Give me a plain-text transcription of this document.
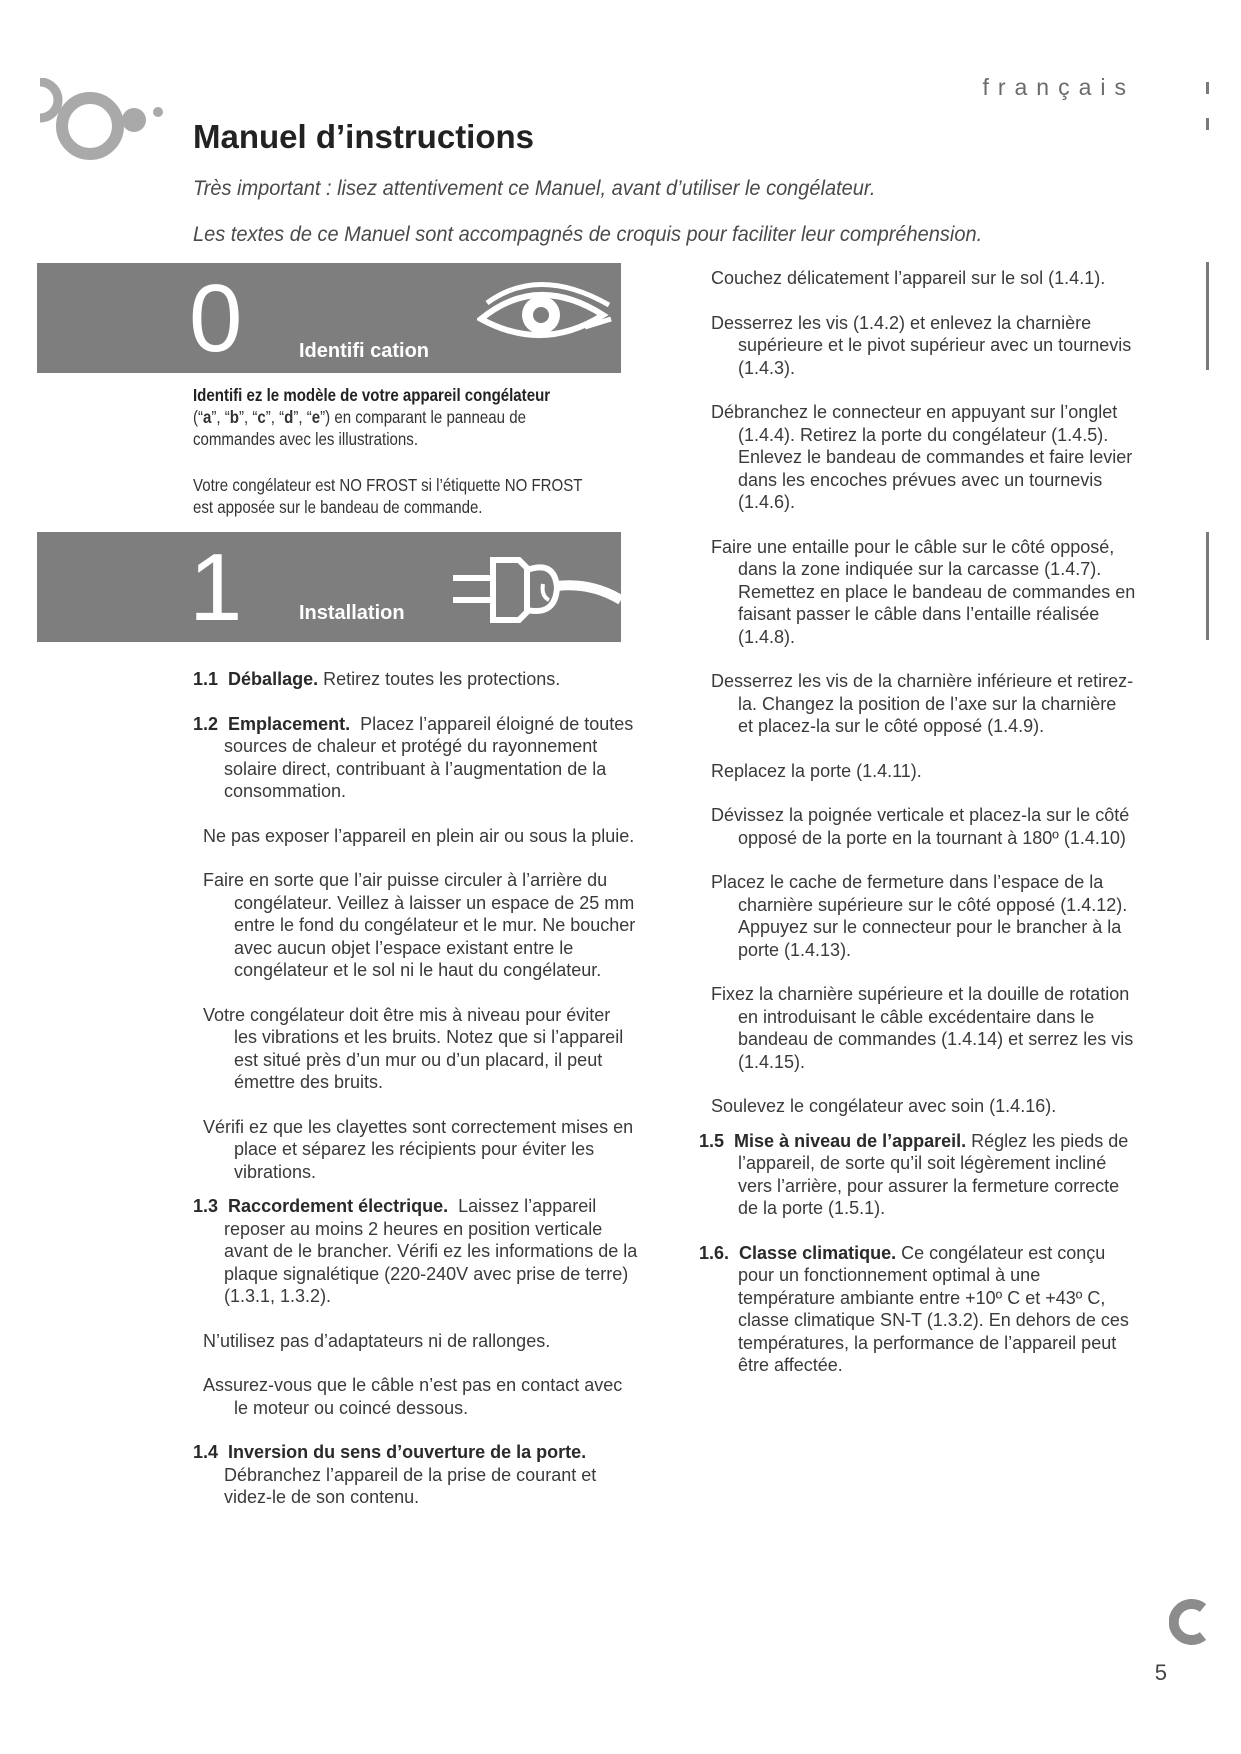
français
Manuel d’instructions

Très important : lisez attentivement ce Manuel, avant d’utiliser le congélateur.

Les textes de ce Manuel sont accompagnés de croquis pour faciliter leur compréhension.

0	Identifi cation

Identifi ez le modèle de votre appareil congélateur

(“a”, “b”, “c”, “d”, “e”) en comparant le panneau de

commandes avec les illustrations.

Votre congélateur est NO FROST si l’étiquette NO FROST

est apposée sur le bandeau de commande.

1	Installation

1.1 Déballage. Retirez toutes les protections.

1.2 Emplacement. Placez l’appareil éloigné de toutes sources de chaleur et protégé du rayonnement solaire direct, contribuant à l’augmentation de la consommation.

Ne pas exposer l’appareil en plein air ou sous la pluie.

Faire en sorte que l’air puisse circuler à l’arrière du congélateur. Veillez à laisser un espace de 25 mm entre le fond du congélateur et le mur. Ne boucher avec aucun objet l’espace existant entre le congélateur et le sol ni le haut du congélateur.

Votre congélateur doit être mis à niveau pour éviter les vibrations et les bruits. Notez que si l’appareil est situé près d’un mur ou d’un placard, il peut émettre des bruits.

Vérifi ez que les clayettes sont correctement mises en place et séparez les récipients pour éviter les vibrations.

1.3 Raccordement électrique. Laissez l’appareil reposer au moins 2 heures en position verticale avant de le brancher. Vérifi ez les informations de la plaque signalétique (220-240V avec prise de terre) (1.3.1, 1.3.2).

N’utilisez pas d’adaptateurs ni de rallonges.

Assurez-vous que le câble n’est pas en contact avec le moteur ou coincé dessous.

1.4 Inversion du sens d’ouverture de la porte. Débranchez l’appareil de la prise de courant et videz-le de son contenu.

Couchez délicatement l’appareil sur le sol (1.4.1).

Desserrez les vis (1.4.2) et enlevez la charnière supérieure et le pivot supérieur avec un tournevis (1.4.3).

Débranchez le connecteur en appuyant sur l’onglet (1.4.4). Retirez la porte du congélateur (1.4.5). Enlevez le bandeau de commandes et faire levier dans les encoches prévues avec un tournevis (1.4.6).

Faire une entaille pour le câble sur le côté opposé, dans la zone indiquée sur la carcasse (1.4.7). Remettez en place le bandeau de commandes en faisant passer le câble dans l’entaille réalisée (1.4.8).

Desserrez les vis de la charnière inférieure et retirez-la. Changez la position de l’axe sur la charnière et placez-la sur le côté opposé (1.4.9).

Replacez la porte (1.4.11).

Dévissez la poignée verticale et placez-la sur le côté opposé de la porte en la tournant à 180º (1.4.10)

Placez le cache de fermeture dans l’espace de la charnière supérieure sur le côté opposé (1.4.12). Appuyez sur le connecteur pour le brancher à la porte (1.4.13).

Fixez la charnière supérieure et la douille de rotation en introduisant le câble excédentaire dans le bandeau de commandes (1.4.14) et serrez les vis (1.4.15).

Soulevez le congélateur avec soin (1.4.16).

1.5 Mise à niveau de l’appareil. Réglez les pieds de l’appareil, de sorte qu’il soit légèrement incliné vers l’arrière, pour assurer la fermeture correcte de la porte (1.5.1).

1.6. Classe climatique. Ce congélateur est conçu pour un fonctionnement optimal à une température ambiante entre +10º C et +43º C, classe climatique SN-T (1.3.2). En dehors de ces températures, la performance de l’appareil peut être affectée.

5
